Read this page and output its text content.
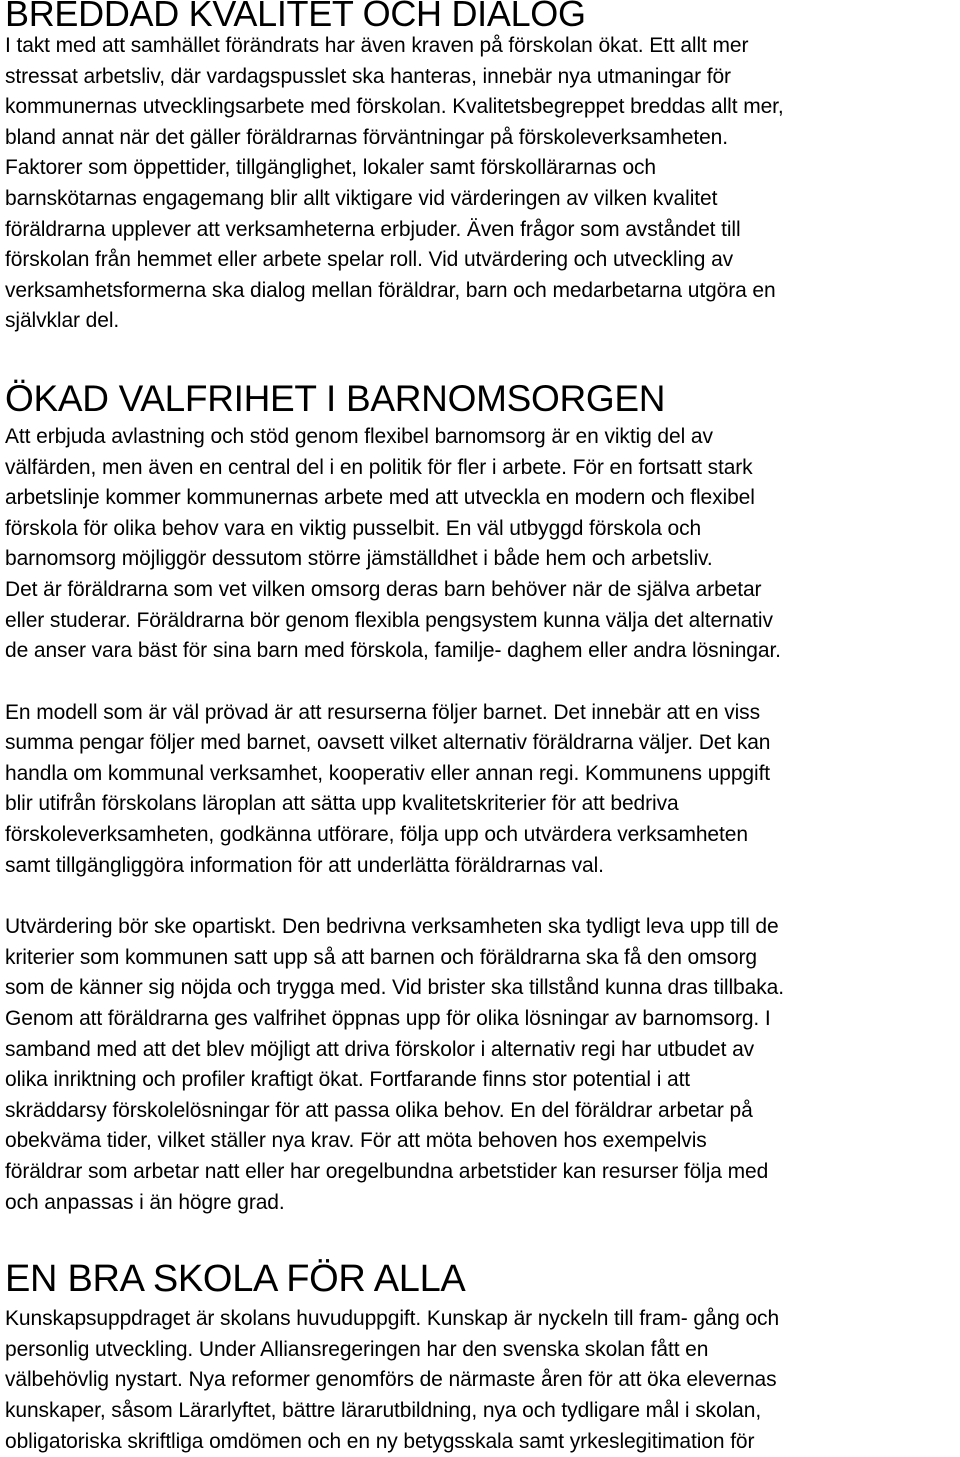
BREDDAD KVALITET OCH DIALOG
I takt med att samhället förändrats har även kraven på förskolan ökat. Ett allt mer
stressat arbetsliv, där vardagspusslet ska hanteras, innebär nya utmaningar för
kommunernas utvecklingsarbete med förskolan. Kvalitetsbegreppet breddas allt mer,
bland annat när det gäller föräldrarnas förväntningar på förskoleverksamheten.
Faktorer som öppettider, tillgänglighet, lokaler samt förskollärarnas och
barnskötarnas engagemang blir allt viktigare vid värderingen av vilken kvalitet
föräldrarna upplever att verksamheterna erbjuder. Även frågor som avståndet till
förskolan från hemmet eller arbete spelar roll. Vid utvärdering och utveckling av
verksamhetsformerna ska dialog mellan föräldrar, barn och medarbetarna utgöra en
självklar del.
ÖKAD VALFRIHET I BARNOMSORGEN
Att erbjuda avlastning och stöd genom flexibel barnomsorg är en viktig del av
välfärden, men även en central del i en politik för fler i arbete. För en fortsatt stark
arbetslinje kommer kommunernas arbete med att utveckla en modern och flexibel
förskola för olika behov vara en viktig pusselbit. En väl utbyggd förskola och
barnomsorg möjliggör dessutom större jämställdhet i både hem och arbetsliv.
Det är föräldrarna som vet vilken omsorg deras barn behöver när de själva arbetar
eller studerar. Föräldrarna bör genom flexibla pengsystem kunna välja det alternativ
de anser vara bäst för sina barn med förskola, familje- daghem eller andra lösningar.
En modell som är väl prövad är att resurserna följer barnet. Det innebär att en viss
summa pengar följer med barnet, oavsett vilket alternativ föräldrarna väljer. Det kan
handla om kommunal verksamhet, kooperativ eller annan regi. Kommunens uppgift
blir utifrån förskolans läroplan att sätta upp kvalitetskriterier för att bedriva
förskoleverksamheten, godkänna utförare, följa upp och utvärdera verksamheten
samt tillgängliggöra information för att underlätta föräldrarnas val.
Utvärdering bör ske opartiskt. Den bedrivna verksamheten ska tydligt leva upp till de
kriterier som kommunen satt upp så att barnen och föräldrarna ska få den omsorg
som de känner sig nöjda och trygga med. Vid brister ska tillstånd kunna dras tillbaka.
Genom att föräldrarna ges valfrihet öppnas upp för olika lösningar av barnomsorg. I
samband med att det blev möjligt att driva förskolor i alternativ regi har utbudet av
olika inriktning och profiler kraftigt ökat. Fortfarande finns stor potential i att
skräddarsy förskolelösningar för att passa olika behov. En del föräldrar arbetar på
obekväma tider, vilket ställer nya krav. För att möta behoven hos exempelvis
föräldrar som arbetar natt eller har oregelbundna arbetstider kan resurser följa med
och anpassas i än högre grad.
EN BRA SKOLA FÖR ALLA
Kunskapsuppdraget är skolans huvuduppgift. Kunskap är nyckeln till fram- gång och
personlig utveckling. Under Alliansregeringen har den svenska skolan fått en
välbehövlig nystart. Nya reformer genomförs de närmaste åren för att öka elevernas
kunskaper, såsom Lärarlyftet, bättre lärarutbildning, nya och tydligare mål i skolan,
obligatoriska skriftliga omdömen och en ny betygsskala samt yrkeslegitimation för
